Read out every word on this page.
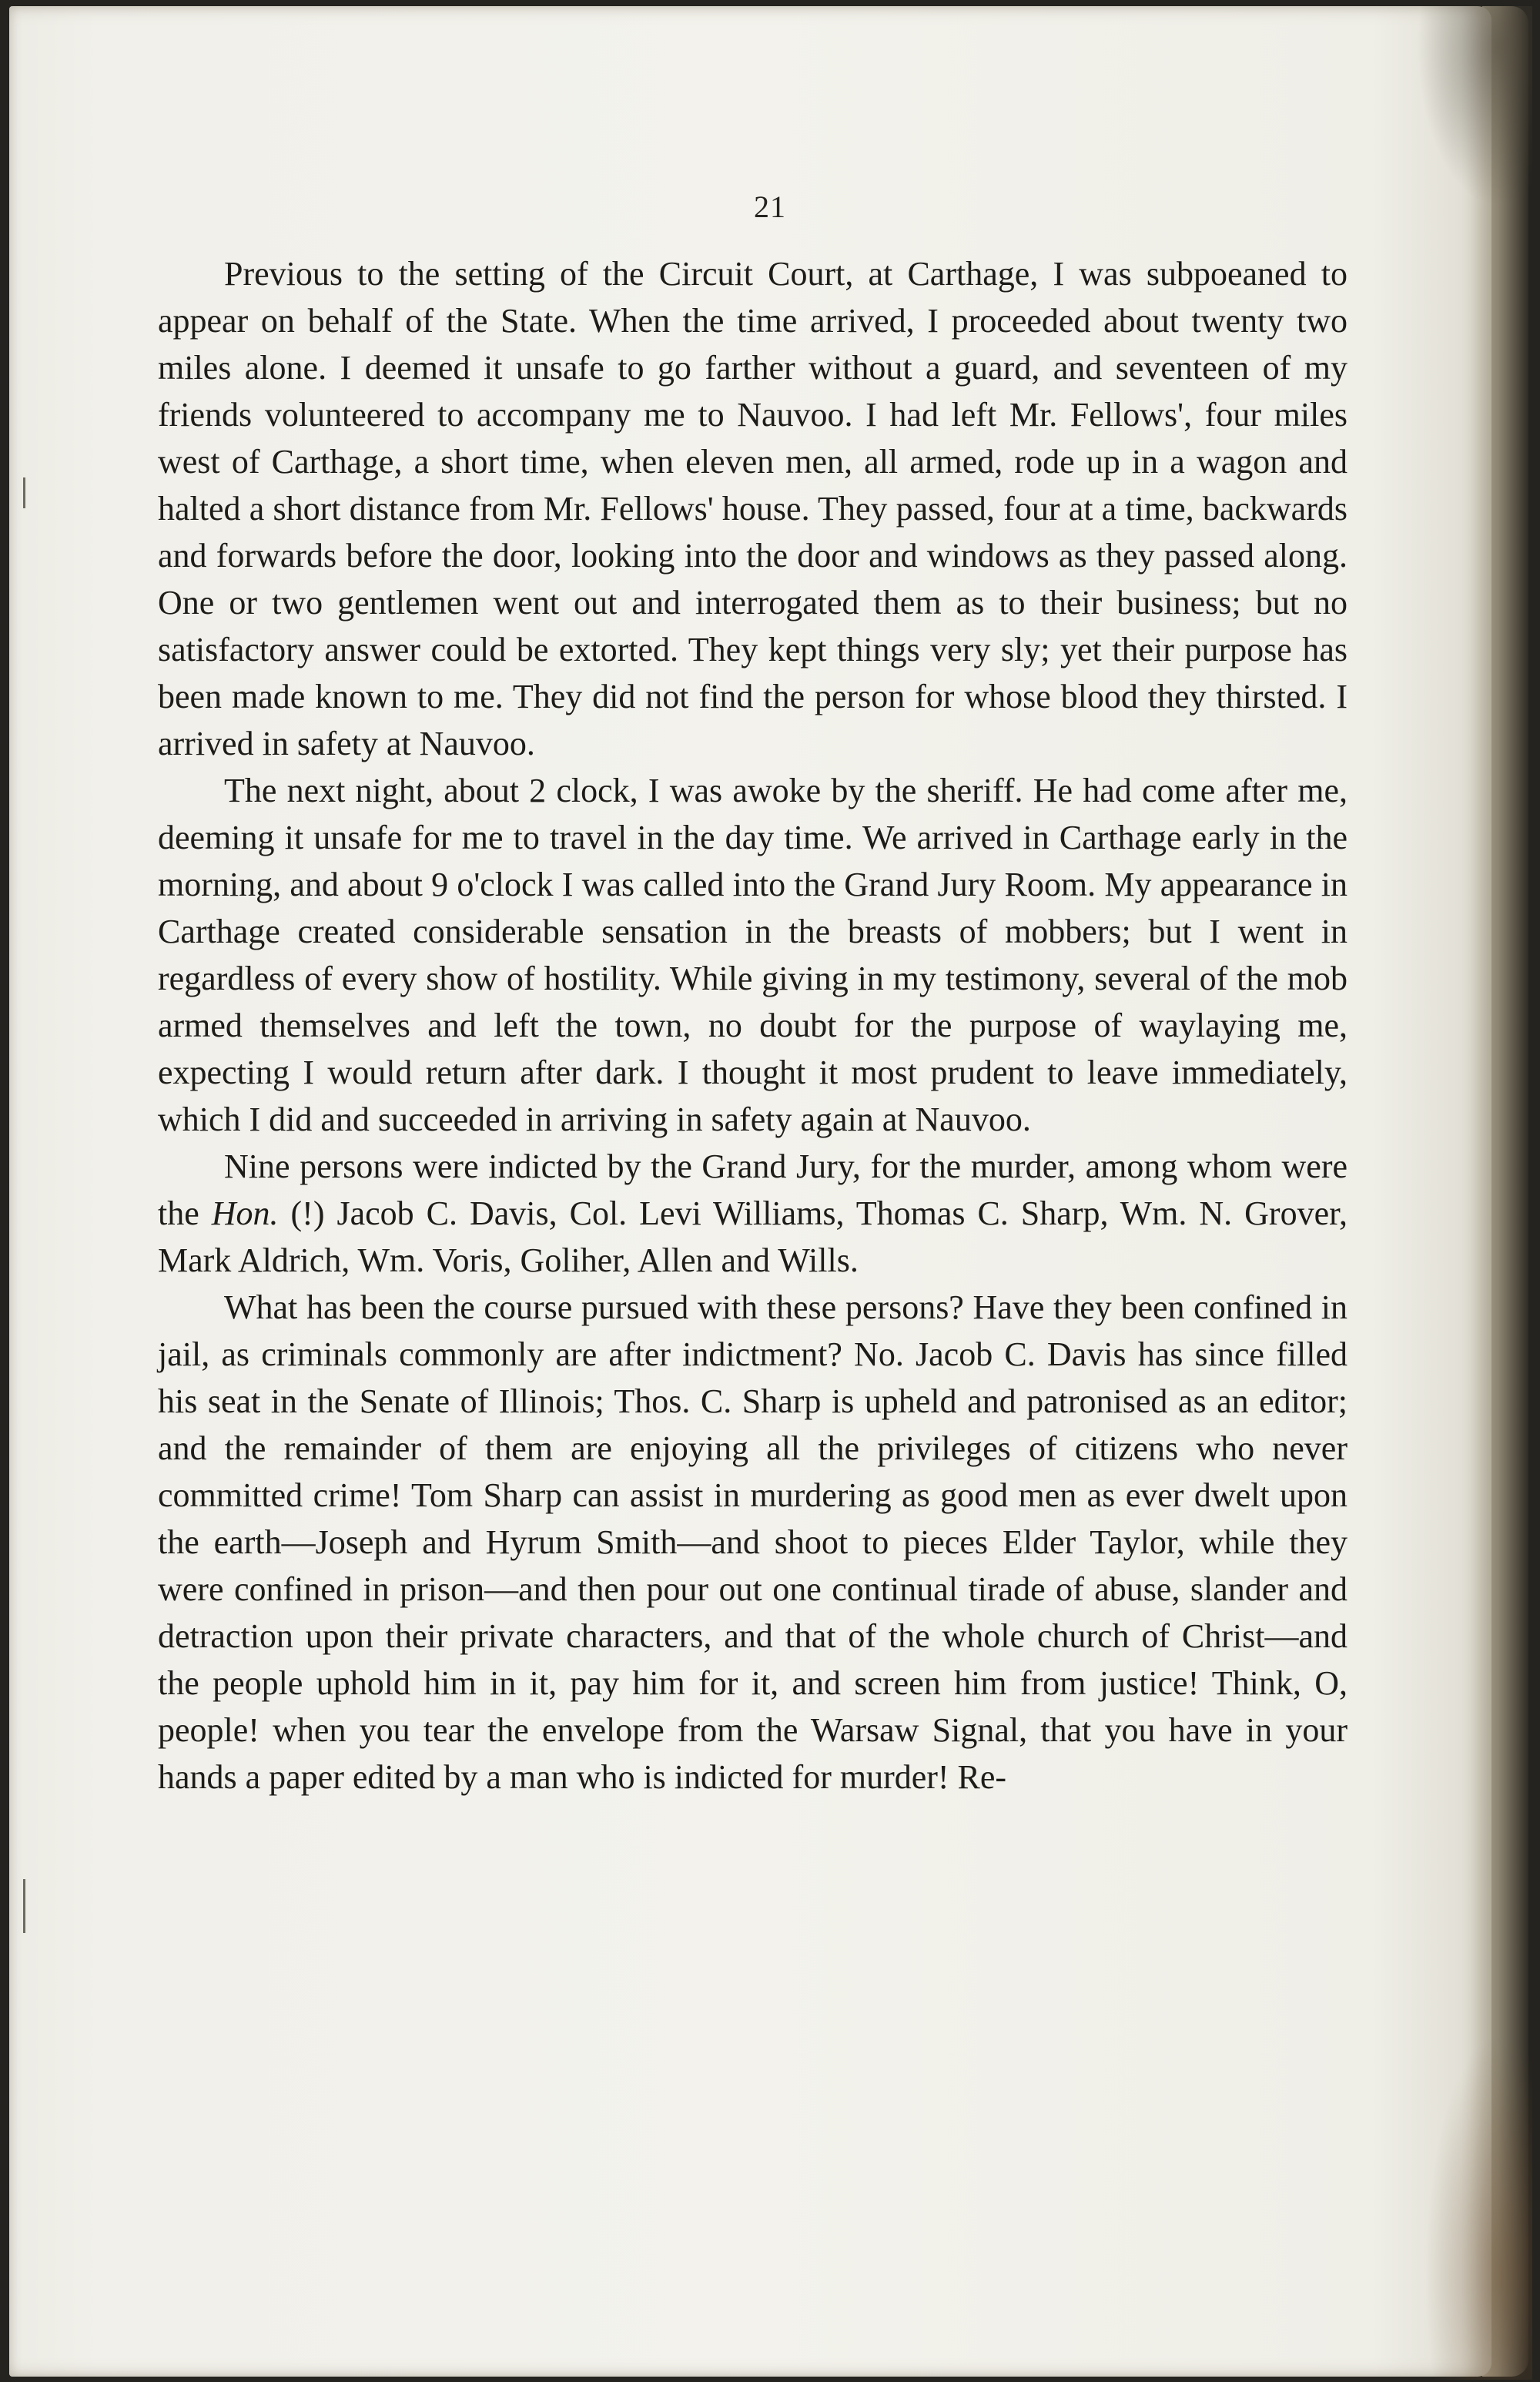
21

Previous to the setting of the Circuit Court, at Carthage, I was subpoeaned to appear on behalf of the State. When the time arrived, I proceeded about twenty two miles alone. I deemed it unsafe to go farther without a guard, and seventeen of my friends volunteered to accompany me to Nauvoo. I had left Mr. Fellows', four miles west of Carthage, a short time, when eleven men, all armed, rode up in a wagon and halted a short distance from Mr. Fellows' house. They passed, four at a time, backwards and forwards before the door, looking into the door and windows as they passed along. One or two gentlemen went out and interrogated them as to their business; but no satisfactory answer could be extorted. They kept things very sly; yet their purpose has been made known to me. They did not find the person for whose blood they thirsted. I arrived in safety at Nauvoo.

The next night, about 2 clock, I was awoke by the sheriff. He had come after me, deeming it unsafe for me to travel in the day time. We arrived in Carthage early in the morning, and about 9 o'clock I was called into the Grand Jury Room. My appearance in Carthage created considerable sensation in the breasts of mobbers; but I went in regardless of every show of hostility. While giving in my testimony, several of the mob armed themselves and left the town, no doubt for the purpose of waylaying me, expecting I would return after dark. I thought it most prudent to leave immediately, which I did and succeeded in arriving in safety again at Nauvoo.

Nine persons were indicted by the Grand Jury, for the murder, among whom were the Hon. (!) Jacob C. Davis, Col. Levi Williams, Thomas C. Sharp, Wm. N. Grover, Mark Aldrich, Wm. Voris, Goliher, Allen and Wills.

What has been the course pursued with these persons? Have they been confined in jail, as criminals commonly are after indictment? No. Jacob C. Davis has since filled his seat in the Senate of Illinois; Thos. C. Sharp is upheld and patronised as an editor; and the remainder of them are enjoying all the privileges of citizens who never committed crime! Tom Sharp can assist in murdering as good men as ever dwelt upon the earth—Joseph and Hyrum Smith—and shoot to pieces Elder Taylor, while they were confined in prison—and then pour out one continual tirade of abuse, slander and detraction upon their private characters, and that of the whole church of Christ—and the people uphold him in it, pay him for it, and screen him from justice! Think, O, people! when you tear the envelope from the Warsaw Signal, that you have in your hands a paper edited by a man who is indicted for murder! Re-
